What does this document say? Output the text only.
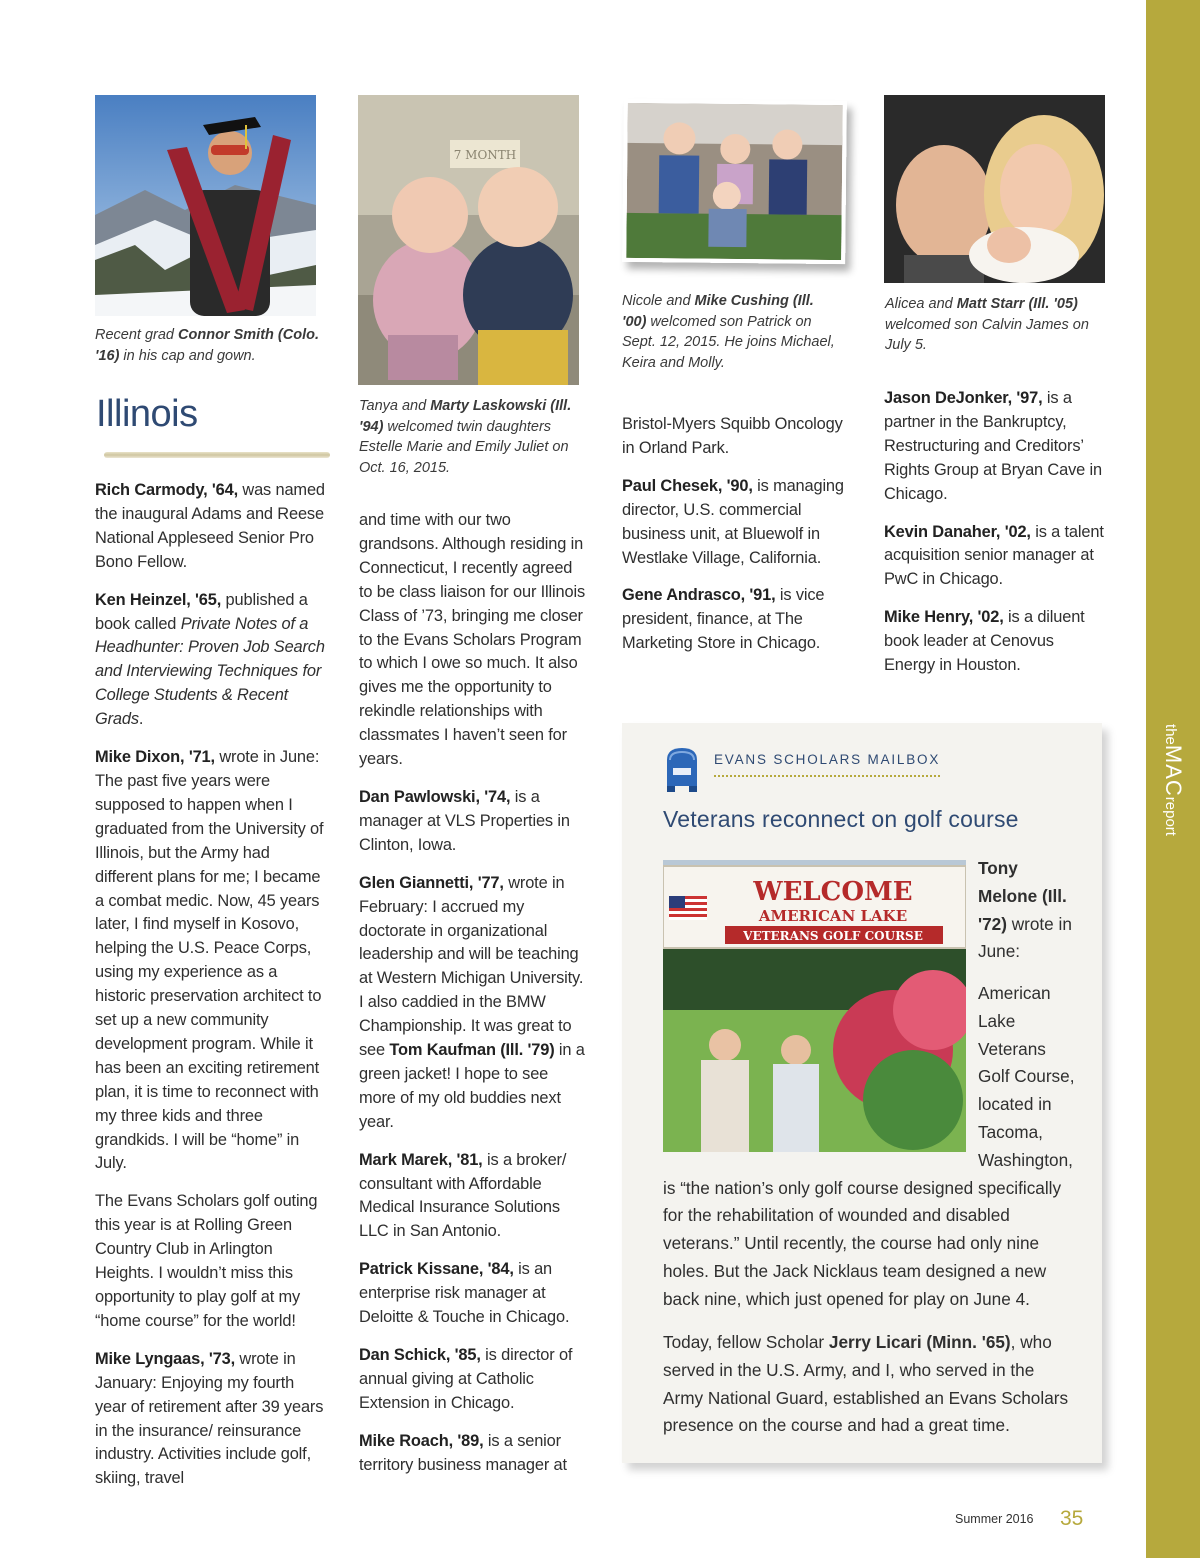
theMACreport
Recent grad Connor Smith (Colo. '16) in his cap and gown.
7 MONTH
Tanya and Marty Laskowski (Ill. '94) welcomed twin daughters Estelle Marie and Emily Juliet on Oct. 16, 2015.
Nicole and Mike Cushing (Ill. '00) welcomed son Patrick on Sept. 12, 2015. He joins Michael, Keira and Molly.
Alicea and Matt Starr (Ill. '05) welcomed son Calvin James on July 5.
Illinois

Rich Carmody, '64, was named the inaugural Adams and Reese National Appleseed Senior Pro Bono Fellow.

Ken Heinzel, '65, published a book called Private Notes of a Headhunter: Proven Job Search and Interviewing Techniques for College Students & Recent Grads.

Mike Dixon, '71, wrote in June: The past five years were supposed to happen when I graduated from the University of Illinois, but the Army had different plans for me; I became a combat medic. Now, 45 years later, I find myself in Kosovo, helping the U.S. Peace Corps, using my experience as a historic preservation architect to set up a new community development program. While it has been an exciting retirement plan, it is time to reconnect with my three kids and three grandkids. I will be “home” in July.

The Evans Scholars golf outing this year is at Rolling Green Country Club in Arlington Heights. I wouldn’t miss this opportunity to play golf at my “home course” for the world!

Mike Lyngaas, '73, wrote in January: Enjoying my fourth year of retirement after 39 years in the insurance/ reinsurance industry. Activities include golf, skiing, travel

and time with our two grandsons. Although residing in Connecticut, I recently agreed to be class liaison for our Illinois Class of ’73, bringing me closer to the Evans Scholars Program to which I owe so much. It also gives me the opportunity to rekindle relationships with classmates I haven’t seen for years.

Dan Pawlowski, '74, is a manager at VLS Properties in Clinton, Iowa.

Glen Giannetti, '77, wrote in February: I accrued my doctorate in organizational leadership and will be teaching at Western Michigan University. I also caddied in the BMW Championship. It was great to see Tom Kaufman (Ill. '79) in a green jacket! I hope to see more of my old buddies next year.

Mark Marek, '81, is a broker/ consultant with Affordable Medical Insurance Solutions LLC in San Antonio.

Patrick Kissane, '84, is an enterprise risk manager at Deloitte & Touche in Chicago.

Dan Schick, '85, is director of annual giving at Catholic Extension in Chicago.

Mike Roach, '89, is a senior territory business manager at

Bristol-Myers Squibb Oncology in Orland Park.

Paul Chesek, '90, is managing director, U.S. commercial business unit, at Bluewolf in Westlake Village, California.

Gene Andrasco, '91, is vice president, finance, at The Marketing Store in Chicago.

Jason DeJonker, '97, is a partner in the Bankruptcy, Restructuring and Creditors’ Rights Group at Bryan Cave in Chicago.

Kevin Danaher, '02, is a talent acquisition senior manager at PwC in Chicago.

Mike Henry, '02, is a diluent book leader at Cenovus Energy in Houston.

EVANS SCHOLARS MAILBOX
Veterans reconnect on golf course
WELCOME
AMERICAN LAKE
VETERANS GOLF COURSE

Tony Melone (Ill. '72) wrote in June:

American Lake Veterans Golf Course, located in Tacoma, Washington,
is “the nation’s only golf course designed specifically for the rehabilitation of wounded and disabled veterans.” Until recently, the course had only nine holes. But the Jack Nicklaus team designed a new back nine, which just opened for play on June 4.

Today, fellow Scholar Jerry Licari (Minn. '65), who served in the U.S. Army, and I, who served in the Army National Guard, established an Evans Scholars presence on the course and had a great time.

Summer 2016 35
